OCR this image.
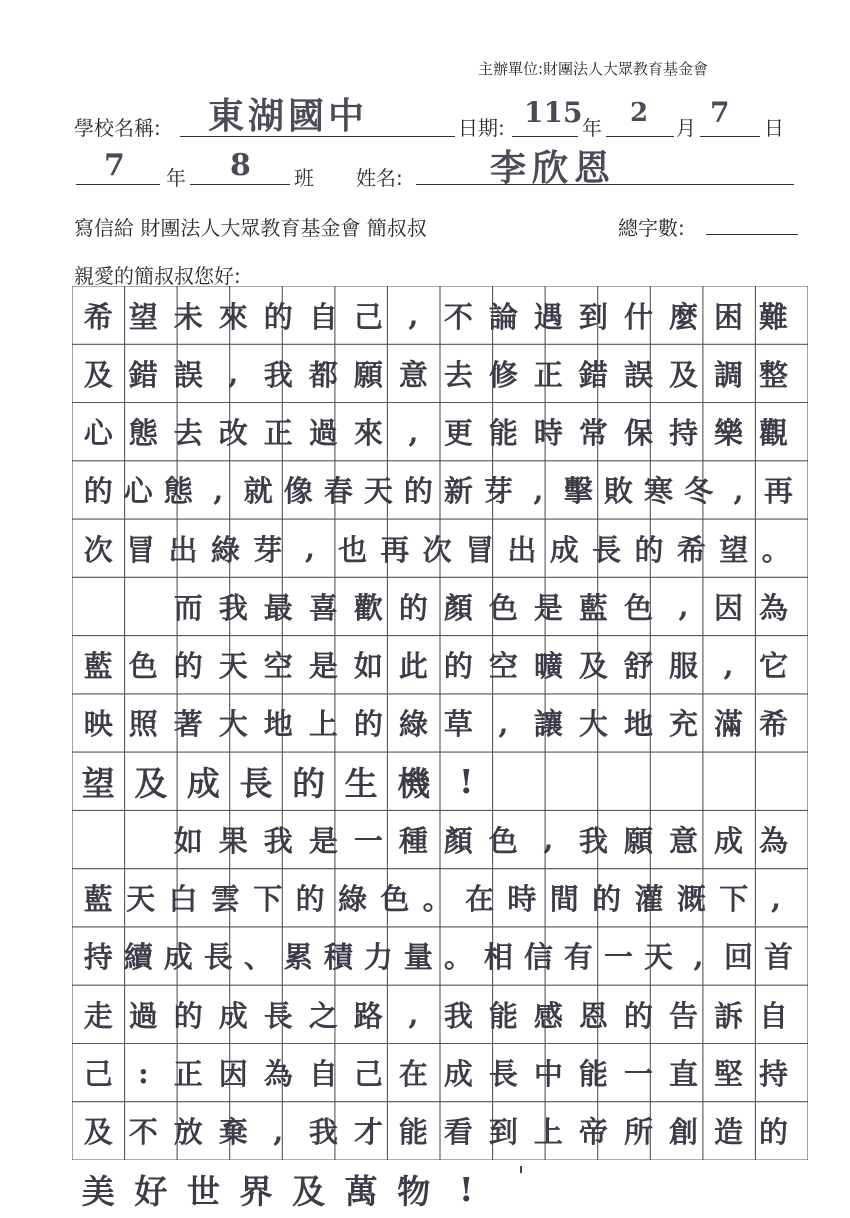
主辦單位:財團法人大眾教育基金會
學校名稱: 東湖國中	日期: 115 年 2 月 7 日
7 年 8 班 姓名: 李欣恩
寫信給 財團法人大眾教育基金會 簡叔叔	總字數:
親愛的簡叔叔您好:
希 望 未 來 的 自 己 , 不 論 遇 到 什 麼 困 難
及 錯 誤 , 我 都 願 意 去 修 正 錯 誤 及 調 整
心 態 去 改 正 過 來 , 更 能 時 常 保 持 樂 觀
的 心 態 , 就 像 春 天 的 新 芽 , 擊 敗 寒 冬 , 再
次 冒 出 綠 芽 , 也 再 次 冒 出 成 長 的 希 望 。
而 我 最 喜 歡 的 顏 色 是 藍 色 , 因 為
藍 色 的 天 空 是 如 此 的 空 曠 及 舒 服 , 它
映 照 著 大 地 上 的 綠 草 , 讓 大 地 充 滿 希
望 及 成 長 的 生 機 !
如 果 我 是 一 種 顏 色 , 我 願 意 成 為
藍 天 白 雲 下 的 綠 色 。 在 時 間 的 灌 溉 下 ,
持 續 成 長 、 累 積 力 量 。 相 信 有 一 天 , 回 首
走 過 的 成 長 之 路 , 我 能 感 恩 的 告 訴 自
己 : 正 因 為 自 己 在 成 長 中 能 一 直 堅 持
及 不 放 棄 , 我 才 能 看 到 上 帝 所 創 造 的
美 好 世 界 及 萬 物 !
